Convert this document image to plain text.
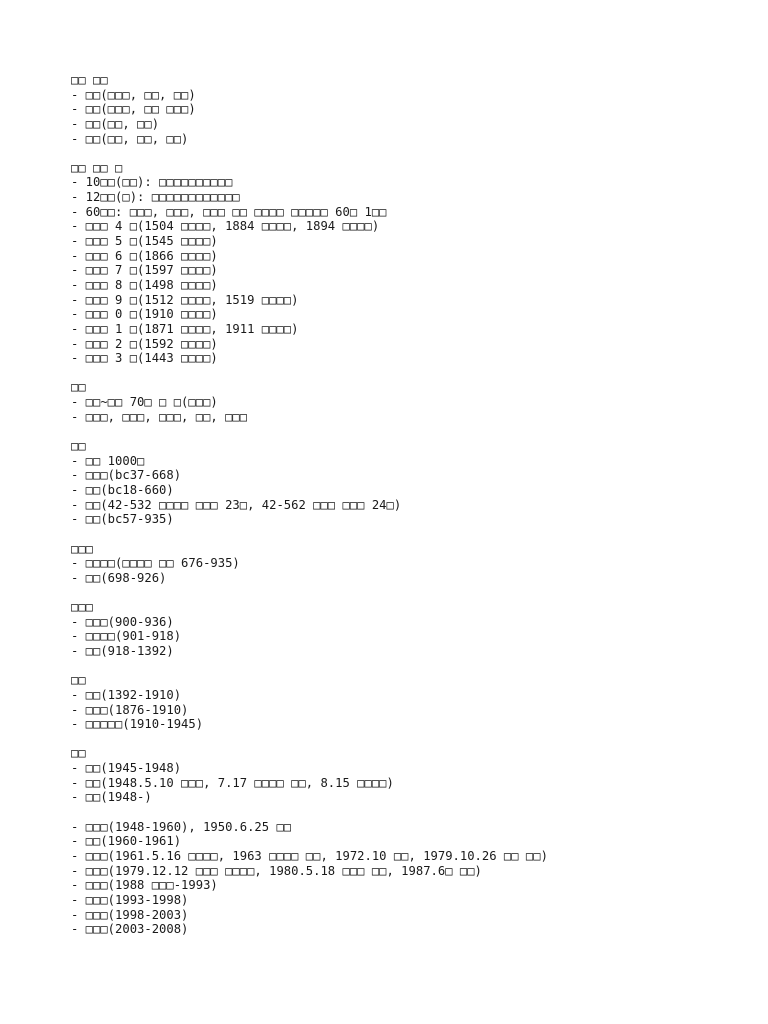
□□ □□
- □□(□□□, □□, □□)
- □□(□□□, □□ □□□)
- □□(□□, □□)
- □□(□□, □□, □□)
□□ □□ □
- 10□□(□□): □□□□□□□□□□
- 12□□(□): □□□□□□□□□□□□
- 60□□: □□□, □□□, □□□ □□ □□□□ □□□□□ 60□ 1□□
- □□□ 4 □(1504 □□□□, 1884 □□□□, 1894 □□□□)
- □□□ 5 □(1545 □□□□)
- □□□ 6 □(1866 □□□□)
- □□□ 7 □(1597 □□□□)
- □□□ 8 □(1498 □□□□)
- □□□ 9 □(1512 □□□□, 1519 □□□□)
- □□□ 0 □(1910 □□□□)
- □□□ 1 □(1871 □□□□, 1911 □□□□)
- □□□ 2 □(1592 □□□□)
- □□□ 3 □(1443 □□□□)
□□
- □□~□□ 70□ □ □(□□□)
- □□□, □□□, □□□, □□, □□□
□□
- □□ 1000□
- □□□(bc37-668)
- □□(bc18-660)
- □□(42-532 □□□□ □□□ 23□, 42-562 □□□ □□□ 24□)
- □□(bc57-935)
□□□
- □□□□(□□□□ □□ 676-935)
- □□(698-926)
□□□
- □□□(900-936)
- □□□□(901-918)
- □□(918-1392)
□□
- □□(1392-1910)
- □□□(1876-1910)
- □□□□□(1910-1945)
□□
- □□(1945-1948)
- □□(1948.5.10 □□□, 7.17 □□□□ □□, 8.15 □□□□)
- □□(1948-)
- □□□(1948-1960), 1950.6.25 □□
- □□(1960-1961)
- □□□(1961.5.16 □□□□, 1963 □□□□ □□, 1972.10 □□, 1979.10.26 □□ □□)
- □□□(1979.12.12 □□□ □□□□, 1980.5.18 □□□ □□, 1987.6□ □□)
- □□□(1988 □□□-1993)
- □□□(1993-1998)
- □□□(1998-2003)
- □□□(2003-2008)
